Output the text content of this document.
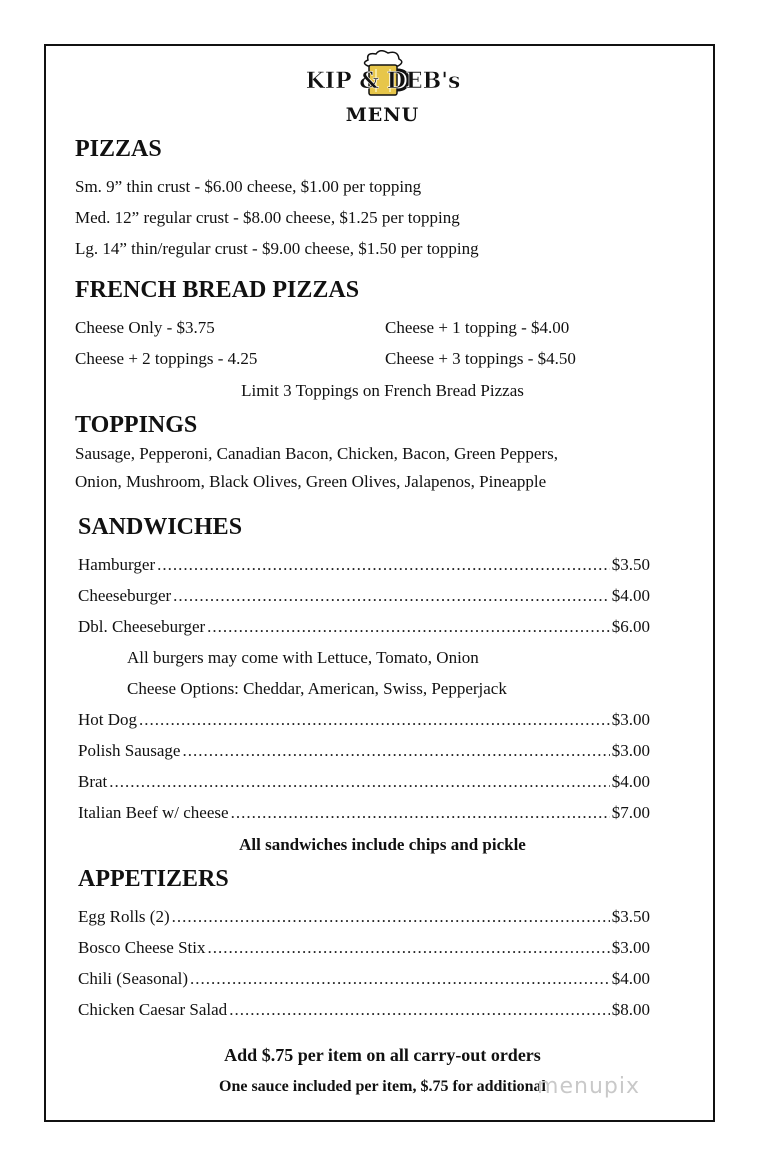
KIP & DEB's
MENU
PIZZAS
Sm. 9” thin crust - $6.00 cheese, $1.00 per topping
Med. 12” regular crust - $8.00 cheese, $1.25 per topping
Lg. 14” thin/regular crust - $9.00 cheese, $1.50 per topping
FRENCH BREAD PIZZAS
Cheese Only - $3.75	Cheese + 1 topping - $4.00
Cheese + 2 toppings - 4.25	Cheese + 3 toppings - $4.50
Limit 3 Toppings on French Bread Pizzas
TOPPINGS
Sausage, Pepperoni, Canadian Bacon, Chicken, Bacon, Green Peppers,
Onion, Mushroom, Black Olives, Green Olives, Jalapenos, Pineapple
SANDWICHES
Hamburger .....	$3.50
Cheeseburger .....	$4.00
Dbl. Cheeseburger .....	$6.00
All burgers may come with Lettuce, Tomato, Onion
Cheese Options: Cheddar, American, Swiss, Pepperjack
Hot Dog .....	$3.00
Polish Sausage .....	$3.00
Brat .....	$4.00
Italian Beef w/ cheese .....	$7.00
All sandwiches include chips and pickle
APPETIZERS
Egg Rolls (2) .....	$3.50
Bosco Cheese Stix .....	$3.00
Chili (Seasonal) .....	$4.00
Chicken Caesar Salad .....	$8.00
Add $.75 per item on all carry-out orders
One sauce included per item, $.75 for additional
menupix
